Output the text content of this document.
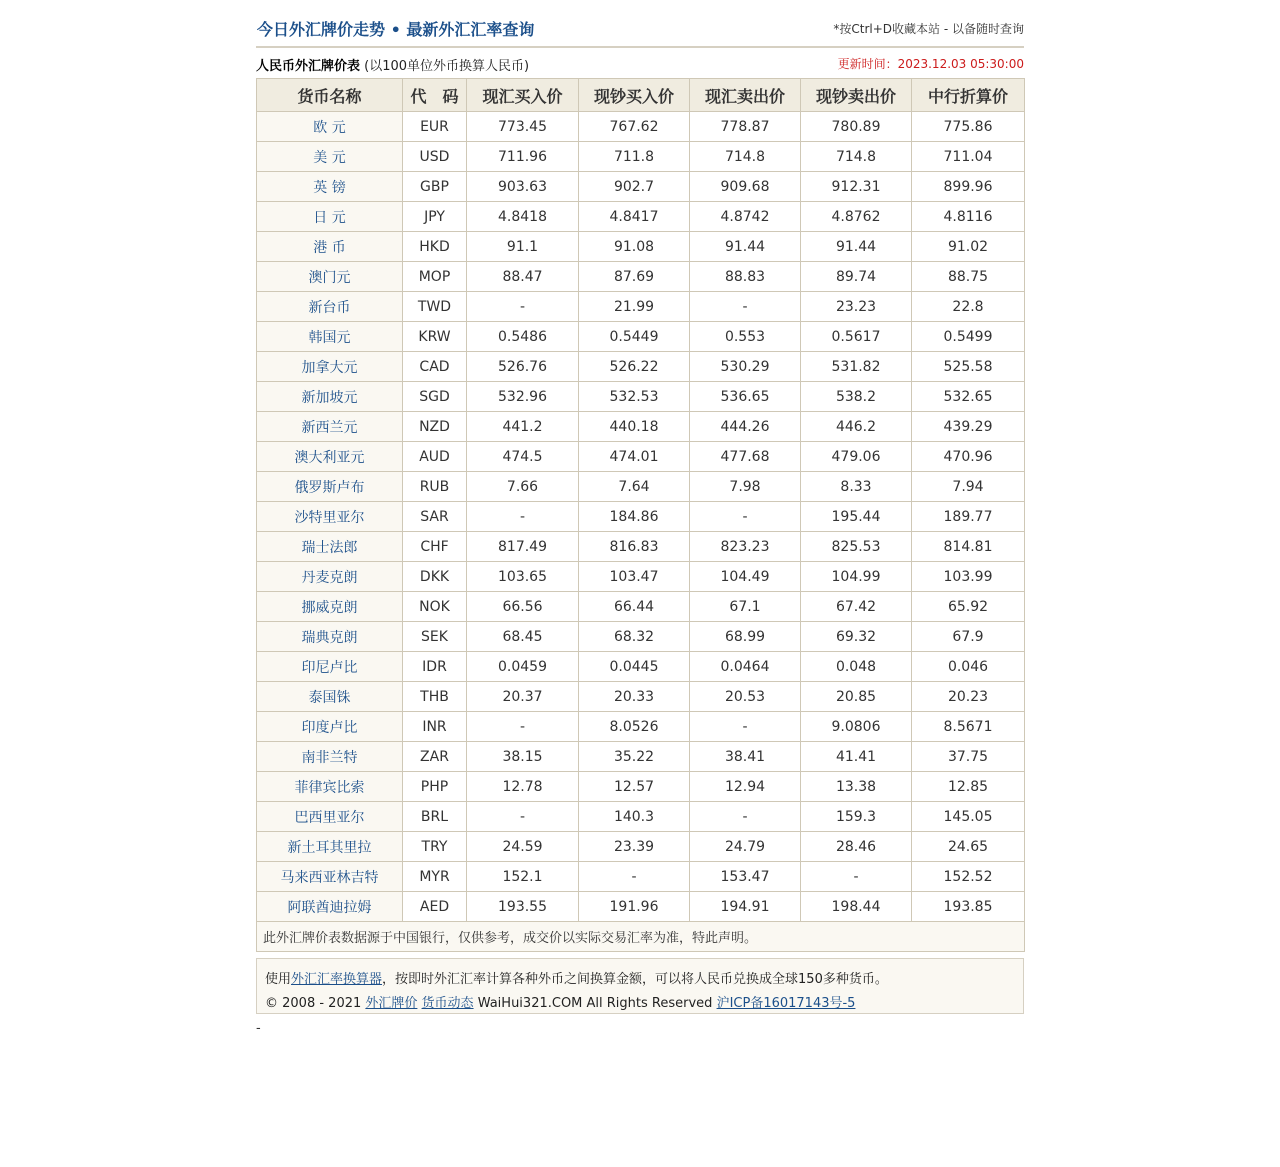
今日外汇牌价走势 • 最新外汇汇率查询	*按Ctrl+D收藏本站 - 以备随时查询
人民币外汇牌价表 (以100单位外币换算人民币)	更新时间：2023.12.03 05:30:00
货币名称	代　码	现汇买入价	现钞买入价	现汇卖出价	现钞卖出价	中行折算价
欧 元	EUR	773.45	767.62	778.87	780.89	775.86
美 元	USD	711.96	711.8	714.8	714.8	711.04
英 镑	GBP	903.63	902.7	909.68	912.31	899.96
日 元	JPY	4.8418	4.8417	4.8742	4.8762	4.8116
港 币	HKD	91.1	91.08	91.44	91.44	91.02
澳门元	MOP	88.47	87.69	88.83	89.74	88.75
新台币	TWD	-	21.99	-	23.23	22.8
韩国元	KRW	0.5486	0.5449	0.553	0.5617	0.5499
加拿大元	CAD	526.76	526.22	530.29	531.82	525.58
新加坡元	SGD	532.96	532.53	536.65	538.2	532.65
新西兰元	NZD	441.2	440.18	444.26	446.2	439.29
澳大利亚元	AUD	474.5	474.01	477.68	479.06	470.96
俄罗斯卢布	RUB	7.66	7.64	7.98	8.33	7.94
沙特里亚尔	SAR	-	184.86	-	195.44	189.77
瑞士法郎	CHF	817.49	816.83	823.23	825.53	814.81
丹麦克朗	DKK	103.65	103.47	104.49	104.99	103.99
挪威克朗	NOK	66.56	66.44	67.1	67.42	65.92
瑞典克朗	SEK	68.45	68.32	68.99	69.32	67.9
印尼卢比	IDR	0.0459	0.0445	0.0464	0.048	0.046
泰国铢	THB	20.37	20.33	20.53	20.85	20.23
印度卢比	INR	-	8.0526	-	9.0806	8.5671
南非兰特	ZAR	38.15	35.22	38.41	41.41	37.75
菲律宾比索	PHP	12.78	12.57	12.94	13.38	12.85
巴西里亚尔	BRL	-	140.3	-	159.3	145.05
新土耳其里拉	TRY	24.59	23.39	24.79	28.46	24.65
马来西亚林吉特	MYR	152.1	-	153.47	-	152.52
阿联酋迪拉姆	AED	193.55	191.96	194.91	198.44	193.85
此外汇牌价表数据源于中国银行，仅供参考，成交价以实际交易汇率为准，特此声明。						
使用外汇汇率换算器，按即时外汇汇率计算各种外币之间换算金额，可以将人民币兑换成全球150多种货币。
© 2008 - 2021 外汇牌价 货币动态 WaiHui321.COM All Rights Reserved 沪ICP备16017143号-5
-
